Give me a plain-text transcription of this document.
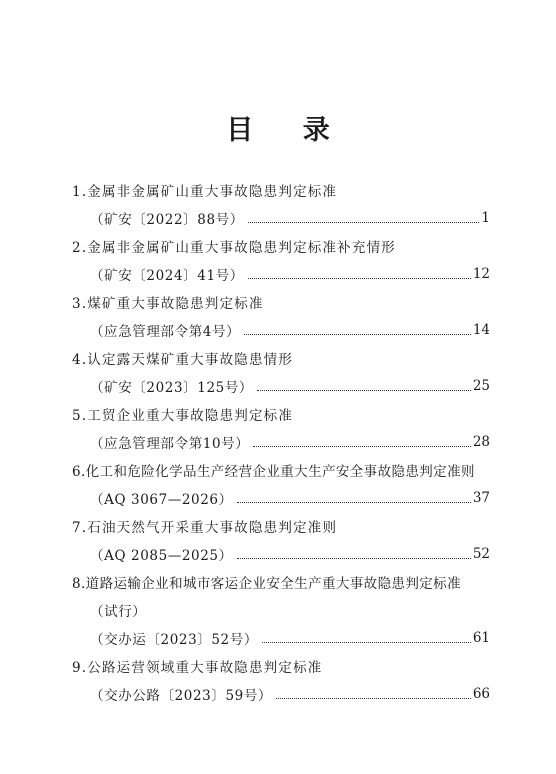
目 录
1.金属非金属矿山重大事故隐患判定标准
（矿安〔2022〕88号）	1
2.金属非金属矿山重大事故隐患判定标准补充情形
（矿安〔2024〕41号）	12
3.煤矿重大事故隐患判定标准
（应急管理部令第4号）	14
4.认定露天煤矿重大事故隐患情形
（矿安〔2023〕125号）	25
5.工贸企业重大事故隐患判定标准
（应急管理部令第10号）	28
6.化工和危险化学品生产经营企业重大生产安全事故隐患判定准则
（AQ 3067—2026）	37
7.石油天然气开采重大事故隐患判定准则
（AQ 2085—2025）	52
8.道路运输企业和城市客运企业安全生产重大事故隐患判定标准
（试行）
（交办运〔2023〕52号）	61
9.公路运营领域重大事故隐患判定标准
（交办公路〔2023〕59号）	66
